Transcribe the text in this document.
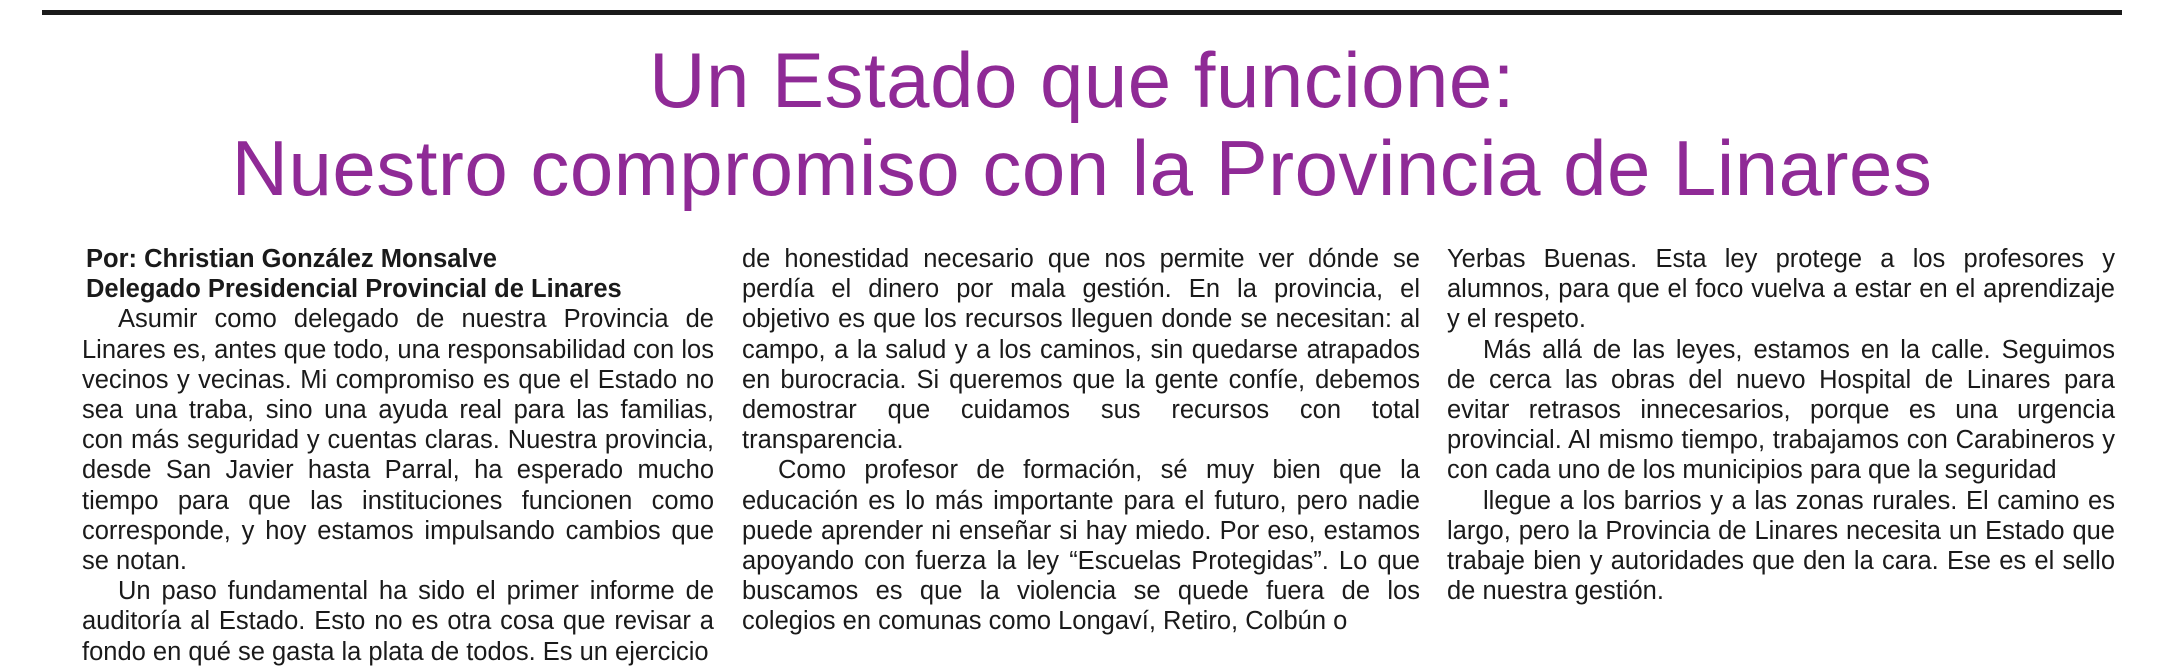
Un Estado que funcione:
Nuestro compromiso con la Provincia de Linares
Por: Christian González Monsalve
Delegado Presidencial Provincial de Linares

Asumir como delegado de nuestra Provincia de Linares es, antes que todo, una responsabilidad con los vecinos y vecinas. Mi compromiso es que el Estado no sea una traba, sino una ayuda real para las familias, con más seguridad y cuentas claras. Nuestra provincia, desde San Javier hasta Parral, ha esperado mucho tiempo para que las instituciones funcionen como corresponde, y hoy estamos impulsando cambios que se notan.

Un paso fundamental ha sido el primer informe de auditoría al Estado. Esto no es otra cosa que revisar a fondo en qué se gasta la plata de todos. Es un ejercicio

de honestidad necesario que nos permite ver dónde se perdía el dinero por mala gestión. En la provincia, el objetivo es que los recursos lleguen donde se necesitan: al campo, a la salud y a los caminos, sin quedarse atrapados en burocracia. Si queremos que la gente confíe, debemos demostrar que cuidamos sus recursos con total transparencia.

Como profesor de formación, sé muy bien que la educación es lo más importante para el futuro, pero nadie puede aprender ni enseñar si hay miedo. Por eso, estamos apoyando con fuerza la ley “Escuelas Protegidas”. Lo que buscamos es que la violencia se quede fuera de los colegios en comunas como Longaví, Retiro, Colbún o

Yerbas Buenas. Esta ley protege a los profesores y alumnos, para que el foco vuelva a estar en el aprendizaje y el respeto.

Más allá de las leyes, estamos en la calle. Seguimos de cerca las obras del nuevo Hospital de Linares para evitar retrasos innecesarios, porque es una urgencia provincial. Al mismo tiempo, trabajamos con Carabineros y con cada uno de los municipios para que la seguridad

llegue a los barrios y a las zonas rurales. El camino es largo, pero la Provincia de Linares necesita un Estado que trabaje bien y autoridades que den la cara. Ese es el sello de nuestra gestión.
